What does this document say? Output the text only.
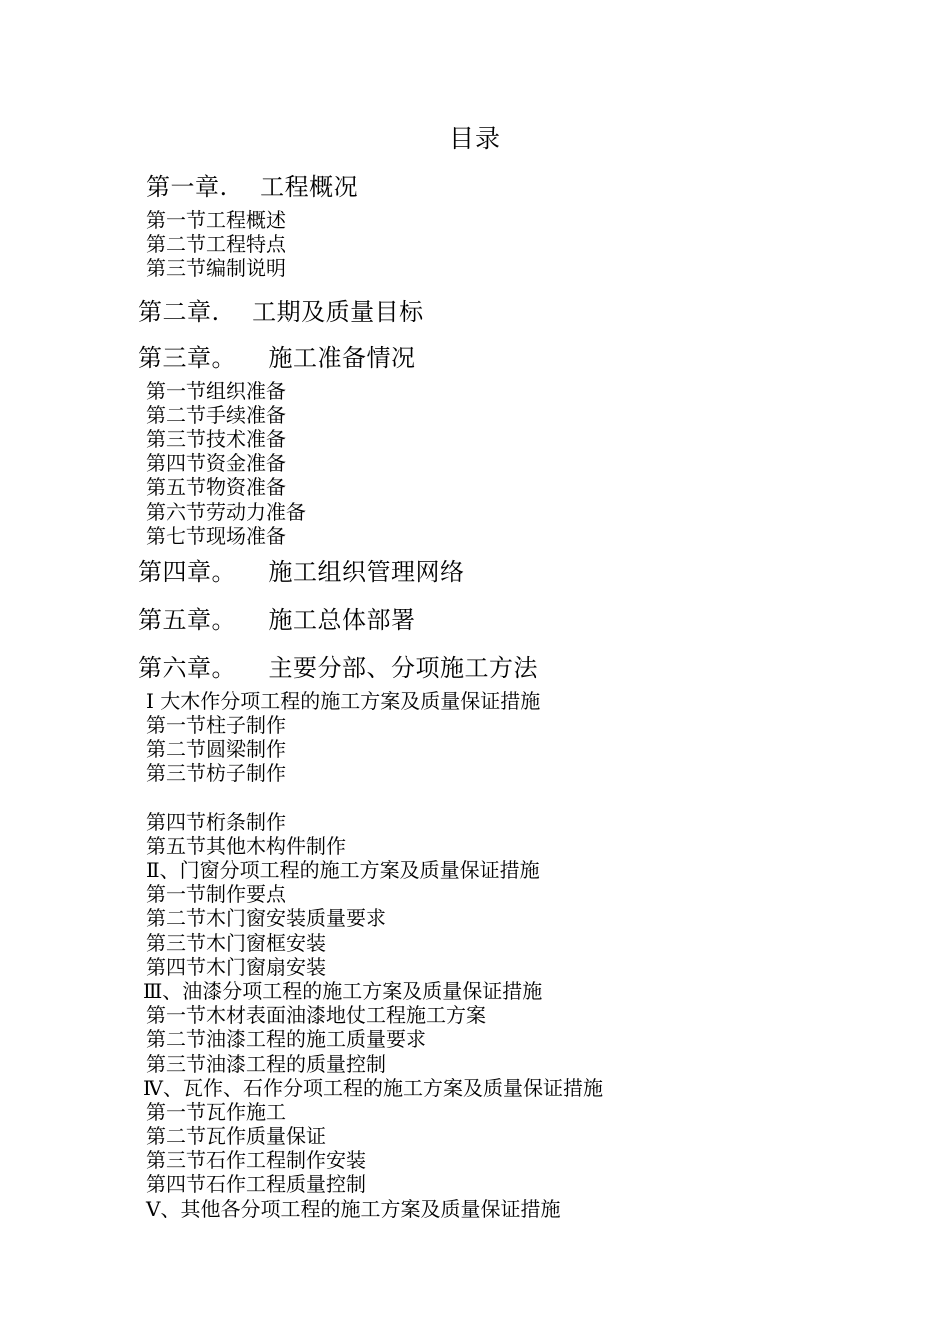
目录
第一章.    工程概况
第一节工程概述
第二节工程特点
第三节编制说明
第二章.    工期及质量目标
第三章。    施工准备情况
第一节组织准备
第二节手续准备
第三节技术准备
第四节资金准备
第五节物资准备
第六节劳动力准备
第七节现场准备
第四章。    施工组织管理网络
第五章。    施工总体部署
第六章。    主要分部、分项施工方法
Ⅰ 大木作分项工程的施工方案及质量保证措施
第一节柱子制作
第二节圆梁制作
第三节枋子制作
第四节桁条制作
第五节其他木构件制作
Ⅱ、门窗分项工程的施工方案及质量保证措施
第一节制作要点
第二节木门窗安装质量要求
第三节木门窗框安装
第四节木门窗扇安装
Ⅲ、油漆分项工程的施工方案及质量保证措施
第一节木材表面油漆地仗工程施工方案
第二节油漆工程的施工质量要求
第三节油漆工程的质量控制
Ⅳ、瓦作、石作分项工程的施工方案及质量保证措施
第一节瓦作施工
第二节瓦作质量保证
第三节石作工程制作安装
第四节石作工程质量控制
Ⅴ、其他各分项工程的施工方案及质量保证措施
